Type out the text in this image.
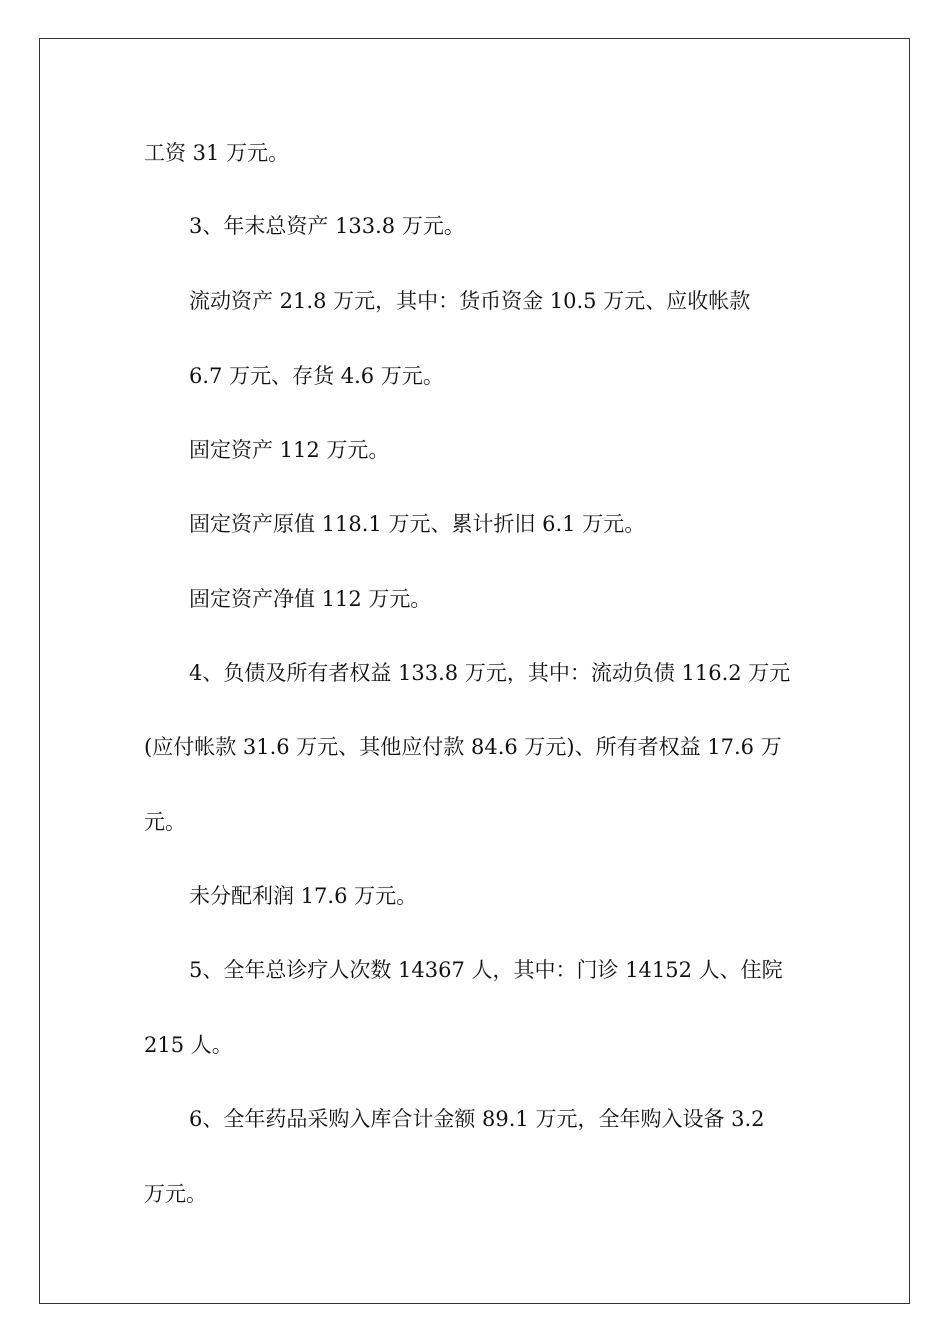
工资 31 万元。
3、年末总资产 133.8 万元。
流动资产 21.8 万元，其中：货币资金 10.5 万元、应收帐款
6.7 万元、存货 4.6 万元。
固定资产 112 万元。
固定资产原值 118.1 万元、累计折旧 6.1 万元。
固定资产净值 112 万元。
4、负债及所有者权益 133.8 万元，其中：流动负债 116.2 万元
(应付帐款 31.6 万元、其他应付款 84.6 万元)、所有者权益 17.6 万
元。
未分配利润 17.6 万元。
5、全年总诊疗人次数 14367 人，其中：门诊 14152 人、住院
215 人。
6、全年药品采购入库合计金额 89.1 万元，全年购入设备 3.2
万元。
